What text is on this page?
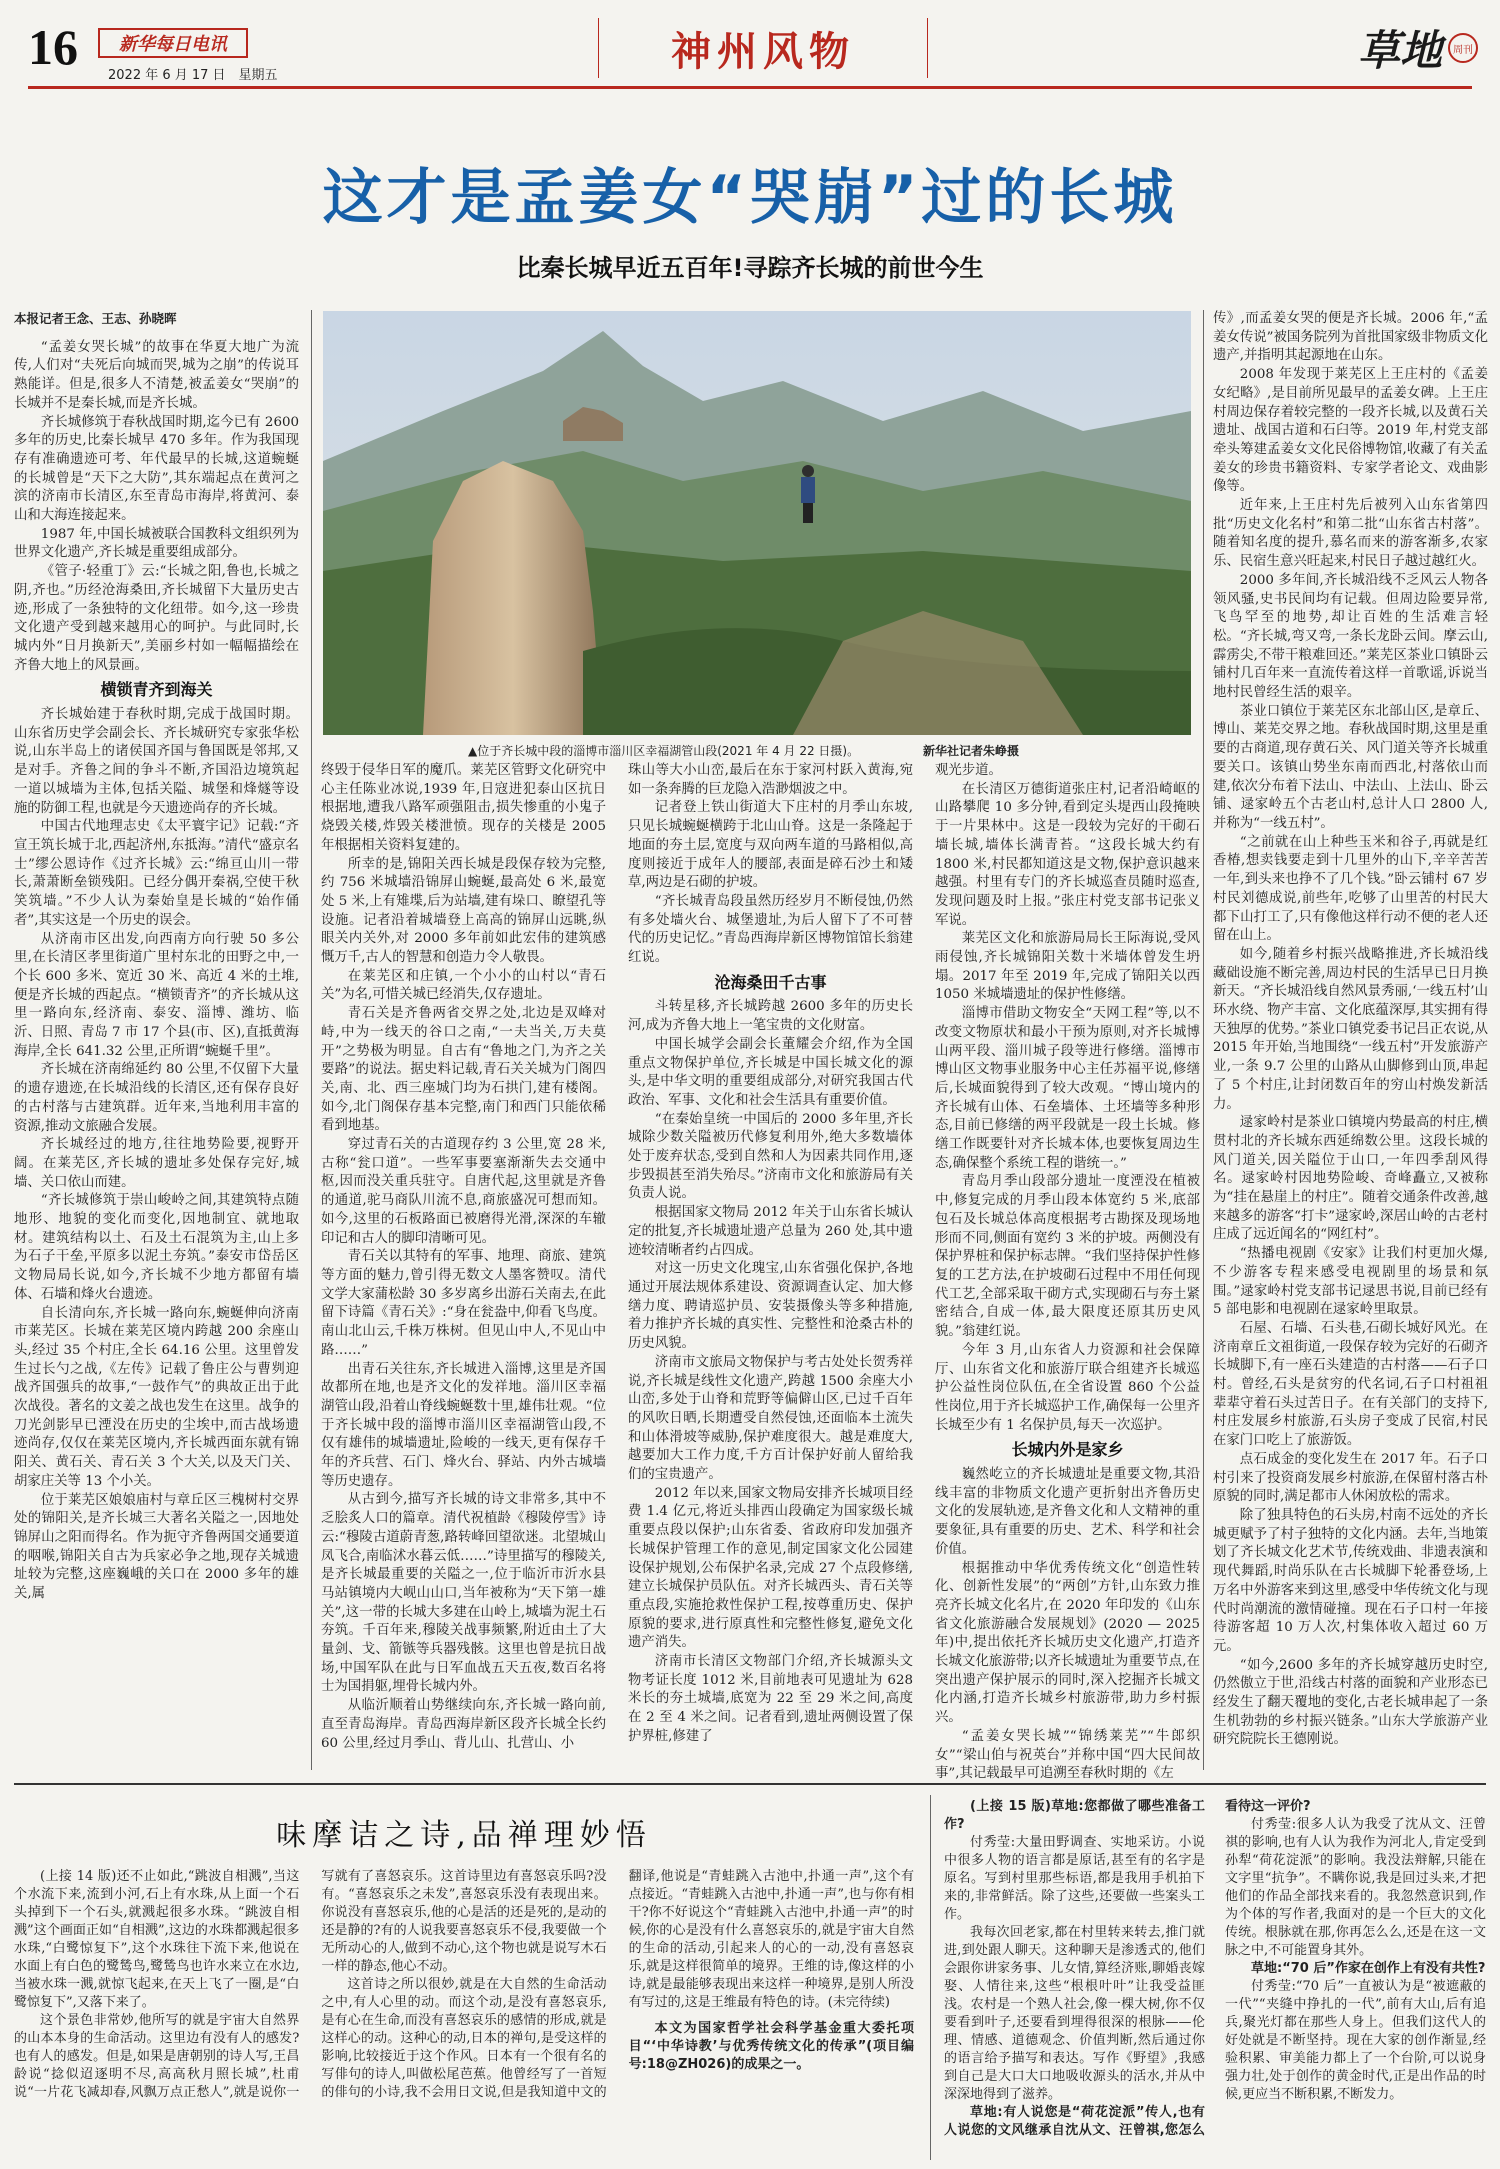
16 新华每日电讯
2022 年 6 月 17 日　星期五
神州风物	草地 周刊
这才是孟姜女“哭崩”过的长城
比秦长城早近五百年!寻踪齐长城的前世今生
▲位于齐长城中段的淄博市淄川区幸福湖管山段(2021 年 4 月 22 日摄)。	新华社记者朱峥摄

本报记者王念、王志、孙晓晖

“孟姜女哭长城”的故事在华夏大地广为流传,人们对“夫死后向城而哭,城为之崩”的传说耳熟能详。但是,很多人不清楚,被孟姜女“哭崩”的长城并不是秦长城,而是齐长城。

齐长城修筑于春秋战国时期,迄今已有 2600 多年的历史,比秦长城早 470 多年。作为我国现存有准确遗迹可考、年代最早的长城,这道蜿蜒的长城曾是“天下之大防”,其东端起点在黄河之滨的济南市长清区,东至青岛市海岸,将黄河、泰山和大海连接起来。

1987 年,中国长城被联合国教科文组织列为世界文化遗产,齐长城是重要组成部分。

《管子·轻重丁》云:“长城之阳,鲁也,长城之阴,齐也。”历经沧海桑田,齐长城留下大量历史古迹,形成了一条独特的文化纽带。如今,这一珍贵文化遗产受到越来越用心的呵护。与此同时,长城内外“日月换新天”,美丽乡村如一幅幅描绘在齐鲁大地上的风景画。

横锁青齐到海关

齐长城始建于春秋时期,完成于战国时期。山东省历史学会副会长、齐长城研究专家张华松说,山东半岛上的诸侯国齐国与鲁国既是邻邦,又是对手。齐鲁之间的争斗不断,齐国沿边境筑起一道以城墙为主体,包括关隘、城堡和烽燧等设施的防御工程,也就是今天遗迹尚存的齐长城。

中国古代地理志史《太平寰宇记》记载:“齐宣王筑长城于北,西起济州,东抵海。”清代“盛京名士”缪公恩诗作《过齐长城》云:“绵亘山川一带长,萧萧断垒锁残阳。已经分偶开秦祸,空使干秋笑筑墙。”不少人认为秦始皇是长城的“始作俑者”,其实这是一个历史的误会。

从济南市区出发,向西南方向行驶 50 多公里,在长清区孝里街道广里村东北的田野之中,一个长 600 多米、宽近 30 米、高近 4 米的土堆,便是齐长城的西起点。“横锁青齐”的齐长城从这里一路向东,经济南、泰安、淄博、潍坊、临沂、日照、青岛 7 市 17 个县(市、区),直抵黄海海岸,全长 641.32 公里,正所谓“蜿蜒千里”。

齐长城在济南绵延约 80 公里,不仅留下大量的遗存遗迹,在长城沿线的长清区,还有保存良好的古村落与古建筑群。近年来,当地利用丰富的资源,推动文旅融合发展。

齐长城经过的地方,往往地势险要,视野开阔。在莱芜区,齐长城的遗址多处保存完好,城墙、关口依山而建。

“齐长城修筑于崇山峻岭之间,其建筑特点随地形、地貌的变化而变化,因地制宜、就地取材。建筑结构以土、石及土石混筑为主,山上多为石子干垒,平原多以泥土夯筑。”泰安市岱岳区文物局局长说,如今,齐长城不少地方都留有墙体、石墙和烽火台遗迹。

自长清向东,齐长城一路向东,蜿蜒伸向济南市莱芜区。长城在莱芜区境内跨越 200 余座山头,经过 35 个村庄,全长 64.16 公里。这里曾发生过长勺之战,《左传》记载了鲁庄公与曹刿迎战齐国强兵的故事,“一鼓作气”的典故正出于此次战役。著名的文姜之战也发生在这里。战争的刀光剑影早已湮没在历史的尘埃中,而古战场遗迹尚存,仅仅在莱芜区境内,齐长城西面东就有锦阳关、黄石关、青石关 3 个大关,以及天门关、胡家庄关等 13 个小关。

位于莱芜区娘娘庙村与章丘区三槐树村交界处的锦阳关,是齐长城三大著名关隘之一,因地处锦屏山之阳而得名。作为扼守齐鲁两国交通要道的咽喉,锦阳关自古为兵家必争之地,现存关城遗址较为完整,这座巍峨的关口在 2000 多年的雄关,属

终毁于侵华日军的魔爪。莱芜区管野文化研究中心主任陈业冰说,1939 年,日寇进犯泰山区抗日根据地,遭我八路军顽强阻击,损失惨重的小鬼子烧毁关楼,炸毁关楼泄愤。现存的关楼是 2005 年根据相关资料复建的。

所幸的是,锦阳关西长城是段保存较为完整,约 756 米城墙沿锦屏山蜿蜒,最高处 6 米,最宽处 5 米,上有雉堞,后为站墙,建有垛口、瞭望孔等设施。记者沿着城墙登上高高的锦屏山远眺,纵眼关内关外,对 2000 多年前如此宏伟的建筑感慨万千,古人的智慧和创造力令人敬畏。

在莱芜区和庄镇,一个小小的山村以“青石关”为名,可惜关城已经消失,仅存遗址。

青石关是齐鲁两省交界之处,北边是双峰对峙,中为一线天的谷口之南,“一夫当关,万夫莫开”之势极为明显。自古有“鲁地之门,为齐之关要路”的说法。据史料记载,青石关关城为门阁四关,南、北、西三座城门均为石拱门,建有楼阁。如今,北门阁保存基本完整,南门和西门只能依稀看到地基。

穿过青石关的古道现存约 3 公里,宽 28 米,古称“瓮口道”。一些军事要塞渐渐失去交通中枢,因而没关重兵驻守。自唐代起,这里就是齐鲁的通道,驼马商队川流不息,商旅盛况可想而知。如今,这里的石板路面已被磨得光滑,深深的车辙印记和古人的脚印清晰可见。

青石关以其特有的军事、地理、商旅、建筑等方面的魅力,曾引得无数文人墨客赞叹。清代文学大家蒲松龄 30 多岁离乡出游石关南去,在此留下诗篇《青石关》:“身在瓮盎中,仰看飞鸟度。南山北山云,千株万株树。但见山中人,不见山中路……”

出青石关往东,齐长城进入淄博,这里是齐国故都所在地,也是齐文化的发祥地。淄川区幸福湖管山段,沿着山脊线蜿蜒数十里,雄伟壮观。“位于齐长城中段的淄博市淄川区幸福湖管山段,不仅有雄伟的城墙遗址,险峻的一线天,更有保存千年的齐兵营、石门、烽火台、驿站、内外古城墙等历史遗存。

从古到今,描写齐长城的诗文非常多,其中不乏脍炙人口的篇章。清代祝植龄《穆陵停雪》诗云:“穆陵古道蔚青葱,路转峰回望欲迷。北望城山凤飞合,南临沭水暮云低……”诗里描写的穆陵关,是齐长城最重要的关隘之一,位于临沂市沂水县马站镇境内大岘山山口,当年被称为“天下第一雄关”,这一带的长城大多建在山岭上,城墙为泥土石夯筑。千百年来,穆陵关战事频繁,附近由土了大量剑、戈、箭镞等兵器残骸。这里也曾是抗日战场,中国军队在此与日军血战五天五夜,数百名将士为国捐躯,埋骨长城内外。

从临沂顺着山势继续向东,齐长城一路向前,直至青岛海岸。青岛西海岸新区段齐长城全长约 60 公里,经过月季山、背儿山、扎营山、小

珠山等大小山峦,最后在东于家河村跃入黄海,宛如一条奔腾的巨龙隐入浩渺烟波之中。

记者登上铁山街道大下庄村的月季山东坡,只见长城蜿蜒横跨于北山山脊。这是一条隆起于地面的夯土层,宽度与双向两车道的马路相似,高度则接近于成年人的腰部,表面是碎石沙土和矮草,两边是石砌的护坡。

“齐长城青岛段虽然历经岁月不断侵蚀,仍然有多处墙火台、城堡遗址,为后人留下了不可替代的历史记忆。”青岛西海岸新区博物馆馆长翁建红说。

沧海桑田千古事

斗转星移,齐长城跨越 2600 多年的历史长河,成为齐鲁大地上一笔宝贵的文化财富。

中国长城学会副会长董耀会介绍,作为全国重点文物保护单位,齐长城是中国长城文化的源头,是中华文明的重要组成部分,对研究我国古代政治、军事、文化和社会生活具有重要价值。

“在秦始皇统一中国后的 2000 多年里,齐长城除少数关隘被历代修复利用外,绝大多数墙体处于废弃状态,受到自然和人为因素共同作用,逐步毁损甚至消失殆尽。”济南市文化和旅游局有关负责人说。

根据国家文物局 2012 年关于山东省长城认定的批复,齐长城遗址遗产总量为 260 处,其中遗迹较清晰者约占四成。

对这一历史文化瑰宝,山东省强化保护,各地通过开展法规体系建设、资源调查认定、加大修缮力度、聘请巡护员、安装摄像头等多种措施,着力推护齐长城的真实性、完整性和沧桑古朴的历史风貌。

济南市文旅局文物保护与考古处处长贺秀祥说,齐长城是线性文化遗产,跨越 1500 余座大小山峦,多处于山脊和荒野等偏僻山区,已过千百年的风吹日晒,长期遭受自然侵蚀,还面临本土流失和山体滑坡等威胁,保护难度很大。越是难度大,越要加大工作力度,千方百计保护好前人留给我们的宝贵遗产。

2012 年以来,国家文物局安排齐长城项目经费 1.4 亿元,将近头排西山段确定为国家级长城重要点段以保护;山东省委、省政府印发加强齐长城保护管理工作的意见,制定国家文化公园建设保护规划,公布保护名录,完成 27 个点段修缮,建立长城保护员队伍。对齐长城西头、青石关等重点段,实施抢救性保护工程,按尊重历史、保护原貌的要求,进行原真性和完整性修复,避免文化遗产消失。

济南市长清区文物部门介绍,齐长城源头文物考证长度 1012 米,目前地表可见遗址为 628 米长的夯土城墙,底宽为 22 至 29 米之间,高度在 2 至 4 米之间。记者看到,遗址两侧设置了保护界桩,修建了

观光步道。

在长清区万德街道张庄村,记者沿崎岖的山路攀爬 10 多分钟,看到定头堤西山段掩映于一片果林中。这是一段较为完好的干砌石墙长城,墙体长满青苔。“这段长城大约有 1800 米,村民都知道这是文物,保护意识越来越强。村里有专门的齐长城巡查员随时巡查,发现问题及时上报。”张庄村党支部书记张义军说。

莱芜区文化和旅游局局长王际海说,受风雨侵蚀,齐长城锦阳关数十米墙体曾发生坍塌。2017 年至 2019 年,完成了锦阳关以西 1050 米城墙遗址的保护性修缮。

淄博市借助文物安全“天网工程”等,以不改变文物原状和最小干预为原则,对齐长城博山两平段、淄川城子段等进行修缮。淄博市博山区文物事业服务中心主任苏福平说,修缮后,长城面貌得到了较大改观。“博山境内的齐长城有山体、石垒墙体、土坯墙等多种形态,目前已修缮的两平段就是一段土长城。修缮工作既要针对齐长城本体,也要恢复周边生态,确保整个系统工程的谐统一。”

青岛月季山段部分遗址一度湮没在植被中,修复完成的月季山段本体宽约 5 米,底部包石及长城总体高度根据考古勘探及现场地形而不同,侧面有宽约 3 米的护坡。两侧没有保护界桩和保护标志牌。“我们坚持保护性修复的工艺方法,在护坡砌石过程中不用任何现代工艺,全部采取干砌方式,实现砌石与夯土紧密结合,自成一体,最大限度还原其历史风貌。”翁建红说。

今年 3 月,山东省人力资源和社会保障厅、山东省文化和旅游厅联合组建齐长城巡护公益性岗位队伍,在全省设置 860 个公益性岗位,用于齐长城巡护工作,确保每一公里齐长城至少有 1 名保护员,每天一次巡护。

长城内外是家乡

巍然屹立的齐长城遗址是重要文物,其沿线丰富的非物质文化遗产更折射出齐鲁历史文化的发展轨迹,是齐鲁文化和人文精神的重要象征,具有重要的历史、艺术、科学和社会价值。

根据推动中华优秀传统文化“创造性转化、创新性发展”的“两创”方针,山东致力推亮齐长城文化名片,在 2020 年印发的《山东省文化旅游融合发展规划》(2020 — 2025 年)中,提出依托齐长城历史文化遗产,打造齐长城文化旅游带;以齐长城遗址为重要节点,在突出遗产保护展示的同时,深入挖掘齐长城文化内涵,打造齐长城乡村旅游带,助力乡村振兴。

“孟姜女哭长城”“锦绣莱芜”“牛郎织女”“梁山伯与祝英台”并称中国“四大民间故事”,其记载最早可追溯至春秋时期的《左

传》,而孟姜女哭的便是齐长城。2006 年,“孟姜女传说”被国务院列为首批国家级非物质文化遗产,并指明其起源地在山东。

2008 年发现于莱芜区上王庄村的《孟姜女纪略》,是目前所见最早的孟姜女碑。上王庄村周边保存着较完整的一段齐长城,以及黄石关遗址、战国古道和石臼等。2019 年,村党支部牵头筹建孟姜女文化民俗博物馆,收藏了有关孟姜女的珍贵书籍资料、专家学者论文、戏曲影像等。

近年来,上王庄村先后被列入山东省第四批“历史文化名村”和第二批“山东省古村落”。随着知名度的提升,慕名而来的游客渐多,农家乐、民宿生意兴旺起来,村民日子越过越红火。

2000 多年间,齐长城沿线不乏风云人物各领风骚,史书民间均有记载。但周边险要异常,飞鸟罕至的地势,却让百姓的生活难言轻松。“齐长城,弯又弯,一条长龙卧云间。摩云山,霹雳尖,不带干粮难回还。”莱芜区茶业口镇卧云铺村几百年来一直流传着这样一首歌谣,诉说当地村民曾经生活的艰辛。

茶业口镇位于莱芜区东北部山区,是章丘、博山、莱芜交界之地。春秋战国时期,这里是重要的古商道,现存黄石关、风门道关等齐长城重要关口。该镇山势坐东南而西北,村落依山而建,依次分布着下法山、中法山、上法山、卧云铺、逯家岭五个古老山村,总计人口 2800 人,并称为“一线五村”。

“之前就在山上种些玉米和谷子,再就是红香椿,想卖钱要走到十几里外的山下,辛辛苦苦一年,到头来也挣不了几个钱。”卧云铺村 67 岁村民刘德成说,前些年,吃够了山里苦的村民大都下山打工了,只有像他这样行动不便的老人还留在山上。

如今,随着乡村振兴战略推进,齐长城沿线藏础设施不断完善,周边村民的生活早已日月换新天。“齐长城沿线自然风景秀丽,‘一线五村’山环水绕、物产丰富、文化底蕴深厚,其实拥有得天独厚的优势。”茶业口镇党委书记吕正农说,从 2015 年开始,当地围绕“一线五村”开发旅游产业,一条 9.7 公里的山路从山脚修到山顶,串起了 5 个村庄,让封闭数百年的穷山村焕发新活力。

逯家岭村是茶业口镇境内势最高的村庄,横贯村北的齐长城东西延绵数公里。这段长城的风门道关,因关隘位于山口,一年四季刮风得名。逯家岭村因地势险峻、奇峰矗立,又被称为“挂在悬崖上的村庄”。随着交通条件改善,越来越多的游客“打卡”逯家岭,深居山岭的古老村庄成了远近闻名的“网红村”。

“热播电视剧《安家》让我们村更加火爆,不少游客专程来感受电视剧里的场景和氛围。”逯家岭村党支部书记逯思书说,目前已经有 5 部电影和电视剧在逯家岭里取景。

石屋、石墙、石头巷,石砌长城好风光。在济南章丘文祖街道,一段保存较为完好的石砌齐长城脚下,有一座石头建造的古村落——石子口村。曾经,石头是贫穷的代名词,石子口村祖祖辈辈守着石头过苦日子。在有关部门的支持下,村庄发展乡村旅游,石头房子变成了民宿,村民在家门口吃上了旅游饭。

点石成金的变化发生在 2017 年。石子口村引来了投资商发展乡村旅游,在保留村落古朴原貌的同时,满足都市人休闲放松的需求。

除了独具特色的石头房,村南不远处的齐长城更赋予了村子独特的文化内涵。去年,当地策划了齐长城文化艺术节,传统戏曲、非遗表演和现代舞蹈,时尚乐队在古长城脚下轮番登场,上万名中外游客来到这里,感受中华传统文化与现代时尚潮流的激情碰撞。现在石子口村一年接待游客超 10 万人次,村集体收入超过 60 万元。

“如今,2600 多年的齐长城穿越历史时空,仍然傲立于世,沿线古村落的面貌和产业形态已经发生了翻天覆地的变化,古老长城串起了一条生机勃勃的乡村振兴链条。”山东大学旅游产业研究院院长王德刚说。

味摩诘之诗,品禅理妙悟

(上接 14 版)还不止如此,“跳波自相溅”,当这个水流下来,流到小河,石上有水珠,从上面一个石头掉到下一个石头,就溅起很多水珠。“跳波自相溅”这个画面正如“自相溅”,这边的水珠都溅起很多水珠,“白鹭惊复下”,这个水珠往下流下来,他说在水面上有白色的鹭鸶鸟,鹭鸶鸟也许水来立在水边,当被水珠一溅,就惊飞起来,在天上飞了一圈,是“白鹭惊复下”,又落下来了。

这个景色非常妙,他所写的就是宇宙大自然界的山本本身的生命活动。这里边有没有人的感发?也有人的感发。但是,如果是唐朝别的诗人写,王昌龄说“捻似迢逐明不尽,高高秋月照长城”,杜甫说“一片花飞减却春,风飘万点正愁人”,就是说你一写就有了喜怒哀乐。这首诗里边有喜怒哀乐吗?没有。“喜怒哀乐之未发”,喜怒哀乐没有表现出来。你说没有喜怒哀乐,他的心是活的还是死的,是动的还是静的?有的人说我要喜怒哀乐不侵,我要做一个无所动心的人,做到不动心,这个物也就是说写木石一样的静态,他心不动。

这首诗之所以很妙,就是在大自然的生命活动之中,有人心里的动。而这个动,是没有喜怒哀乐,是有心在生命,而没有喜怒哀乐的感情的形成,就是这样心的动。这种心的动,日本的禅句,是受这样的影响,比较接近于这个作风。日本有一个很有名的写俳句的诗人,叫做松尾芭蕉。他曾经写了一首短的俳句的小诗,我不会用日文说,但是我知道中文的翻译,他说是“青蛙跳入古池中,扑通一声”,这个有点接近。“青蛙跳入古池中,扑通一声”,也与你有相干?你不好说这个“青蛙跳入古池中,扑通一声”的时候,你的心是没有什么喜怒哀乐的,就是宇宙大自然的生命的活动,引起来人的心的一动,没有喜怒哀乐,就是这样很简单的境界。王维的诗,像这样的小诗,就是最能够表现出来这样一种境界,是别人所没有写过的,这是王维最有特色的诗。(未完待续)

本文为国家哲学社会科学基金重大委托项目“‘中华诗教’与优秀传统文化的传承”(项目编号:18@ZH026)的成果之一。

(上接 15 版)草地:您都做了哪些准备工作?

付秀莹:大量田野调查、实地采访。小说中很多人物的语言都是原话,甚至有的名字是原名。写到村里那些标语,都是我用手机拍下来的,非常鲜活。除了这些,还要做一些案头工作。

我每次回老家,都在村里转来转去,推门就进,到处跟人聊天。这种聊天是渗透式的,他们会跟你讲家务事、儿女情,算经济账,聊婚丧嫁娶、人情往来,这些“根根叶叶”让我受益匪浅。农村是一个熟人社会,像一棵大树,你不仅要看到叶子,还要看到埋得很深的根脉——伦理、情感、道德观念、价值判断,然后通过你的语言给予描写和表达。写作《野望》,我感到自己是大口大口地吸收源头的活水,并从中深深地得到了滋养。

草地:有人说您是“荷花淀派”传人,也有人说您的文风继承自沈从文、汪曾祺,您怎么看待这一评价?

付秀莹:很多人认为我受了沈从文、汪曾祺的影响,也有人认为我作为河北人,肯定受到孙犁“荷花淀派”的影响。我没法辩解,只能在文字里“抗争”。不瞒你说,我是回过头来,才把他们的作品全部找来看的。我忽然意识到,作为个体的写作者,我面对的是一个巨大的文化传统。根脉就在那,你再怎么么,还是在这一文脉之中,不可能置身其外。

草地:“70 后”作家在创作上有没有共性?

付秀莹:“70 后”一直被认为是“被遮蔽的一代”“夹缝中挣扎的一代”,前有大山,后有追兵,聚光灯都在那些人身上。但我们这代人的好处就是不断坚持。现在大家的创作渐显,经验积累、审美能力都上了一个台阶,可以说身强力壮,处于创作的黄金时代,正是出作品的时候,更应当不断积累,不断发力。
